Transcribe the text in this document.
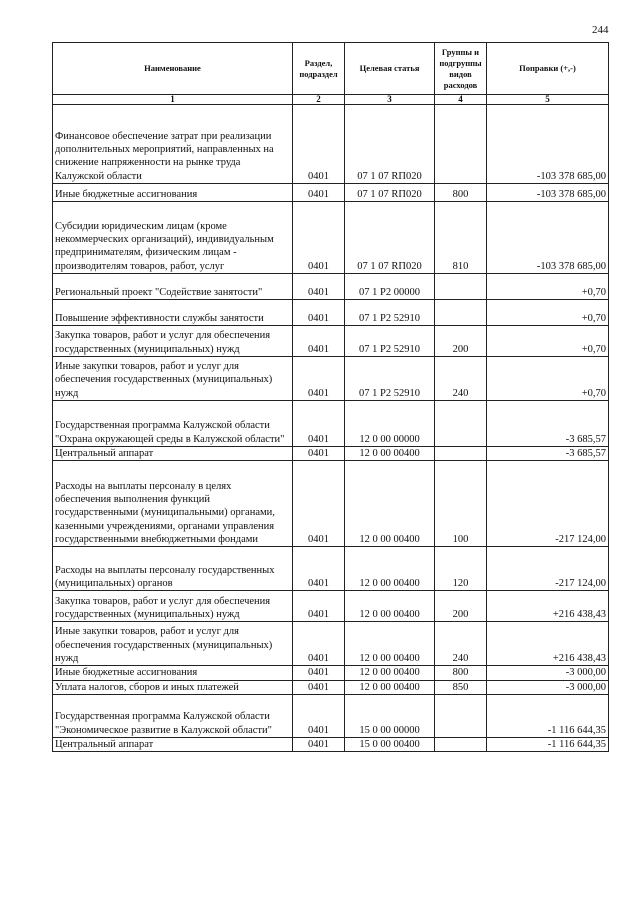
244
Наименование	Раздел, подраздел	Целевая статья	Группы и подгруппы видов расходов	Поправки (+,-)
1	2	3	4	5
Финансовое обеспечение затрат при реализации дополнительных мероприятий, направленных на снижение напряженности на рынке труда Калужской области	0401	07 1 07 RП020		-103 378 685,00
Иные бюджетные ассигнования	0401	07 1 07 RП020	800	-103 378 685,00
Субсидии юридическим лицам (кроме некоммерческих организаций), индивидуальным предпринимателям, физическим лицам - производителям товаров, работ, услуг	0401	07 1 07 RП020	810	-103 378 685,00
Региональный проект "Содействие занятости"	0401	07 1 P2 00000		+0,70
Повышение эффективности службы занятости	0401	07 1 P2 52910		+0,70
Закупка товаров, работ и услуг для обеспечения государственных (муниципальных) нужд	0401	07 1 P2 52910	200	+0,70
Иные закупки товаров, работ и услуг для обеспечения государственных (муниципальных) нужд	0401	07 1 P2 52910	240	+0,70
Государственная программа Калужской области "Охрана окружающей среды в Калужской области"	0401	12 0 00 00000		-3 685,57
Центральный аппарат	0401	12 0 00 00400		-3 685,57
Расходы на выплаты персоналу в целях обеспечения выполнения функций государственными (муниципальными) органами, казенными учреждениями, органами управления государственными внебюджетными фондами	0401	12 0 00 00400	100	-217 124,00
Расходы на выплаты персоналу государственных (муниципальных) органов	0401	12 0 00 00400	120	-217 124,00
Закупка товаров, работ и услуг для обеспечения государственных (муниципальных) нужд	0401	12 0 00 00400	200	+216 438,43
Иные закупки товаров, работ и услуг для обеспечения государственных (муниципальных) нужд	0401	12 0 00 00400	240	+216 438,43
Иные бюджетные ассигнования	0401	12 0 00 00400	800	-3 000,00
Уплата налогов, сборов и иных платежей	0401	12 0 00 00400	850	-3 000,00
Государственная программа Калужской области "Экономическое развитие в Калужской области"	0401	15 0 00 00000		-1 116 644,35
Центральный аппарат	0401	15 0 00 00400		-1 116 644,35
